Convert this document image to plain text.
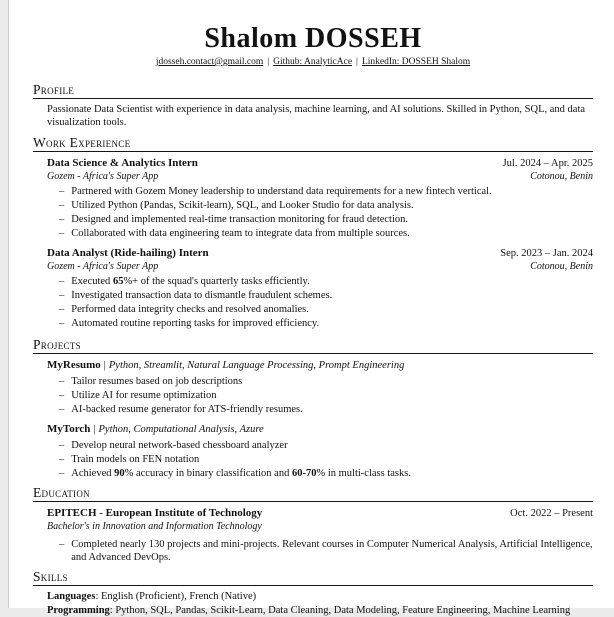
Shalom DOSSEH
jdosseh.contact@gmail.com | Github: AnalyticAce | LinkedIn: DOSSEH Shalom
Profile
Passionate Data Scientist with experience in data analysis, machine learning, and AI solutions. Skilled in Python, SQL, and data visualization tools.
Work Experience
Data Science & Analytics Intern	Jul. 2024 – Apr. 2025
Gozem - Africa's Super App	Cotonou, Benin
– Partnered with Gozem Money leadership to understand data requirements for a new fintech vertical.
– Utilized Python (Pandas, Scikit-learn), SQL, and Looker Studio for data analysis.
– Designed and implemented real-time transaction monitoring for fraud detection.
– Collaborated with data engineering team to integrate data from multiple sources.
Data Analyst (Ride-hailing) Intern	Sep. 2023 – Jan. 2024
Gozem - Africa's Super App	Cotonou, Benin
– Executed 65%+ of the squad's quarterly tasks efficiently.
– Investigated transaction data to dismantle fraudulent schemes.
– Performed data integrity checks and resolved anomalies.
– Automated routine reporting tasks for improved efficiency.
Projects
MyResumo | Python, Streamlit, Natural Language Processing, Prompt Engineering
– Tailor resumes based on job descriptions
– Utilize AI for resume optimization
– AI-backed resume generator for ATS-friendly resumes.
MyTorch | Python, Computational Analysis, Azure
– Develop neural network-based chessboard analyzer
– Train models on FEN notation
– Achieved 90% accuracy in binary classification and 60-70% in multi-class tasks.
Education
EPITECH - European Institute of Technology	Oct. 2022 – Present
Bachelor's in Innovation and Information Technology
– Completed nearly 130 projects and mini-projects. Relevant courses in Computer Numerical Analysis, Artificial Intelligence, and Advanced DevOps.
Skills
Languages: English (Proficient), French (Native)
Programming: Python, SQL, Pandas, Scikit-Learn, Data Cleaning, Data Modeling, Feature Engineering, Machine Learning
